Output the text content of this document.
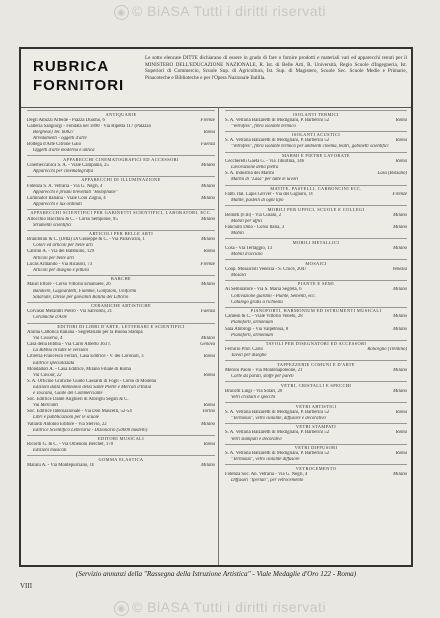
◉ © BiASA Tutti i diritti riservati
RUBRICA
FORNITORI
Le sotto elencate DITTE dichiarano di essere in grado di fare o fornire prodotti e materiali vari ed apparecchi tenuti per il MINISTERO DELL'EDUCAZIONE NAZIONALE, R. Ist. di Belle Arti, R. Università, Regio Scuole d'Ingegneria, Ist. Superiori di Commercio, Scuole Sup. di Agricoltura, Ist. Sup. di Magistero, Scuole Sec. Scuole Medie e Primarie, Pinacoteche e Biblioteche e per l'Opera Nazionale Balilla.
ANTIQUARIE
Degli Albizzi Alfeide - Piazza Duomo, 6	Firenze
Galleria Sangiorgi - Fondata nel 1890 · Via Ripetta 117 (Palazzo
Borghese) Tel. 60827	Roma
Arredamenti - oggetti d'arte
Bottega d'Arte Citrone Gaio	Faenza
Oggetti d'arte moderna e antica
APPARECCHI CINEMATOGRAFICI ED ACCESSORI
Cinemeccanica S. A. - Viale Campania, 25	Milano
Apparecchi per cinematografia
APPARECCHI DI ILLUMINAZIONE
Fidenza S. A. Vetraria - Via G. Negri, 4	Milano
Apparecchi e prismi brevettati "Holophane"
Luminator Italiana - Viale Coni Zugna, 4	Milano
Apparecchi e lux ordinati
APPARECCHI SCIENTIFICI PER GABINETTI SCIENTIFICI, LABORATORI, ECC.
Allocchio Bacchini & C. - Corso Sempione, 95	Milano
Strumenti scientifici
ARTICOLI PER BELLE ARTI
Brandolini & C. (Ditta) Di Giuseppe & C. - Via Pallavicini, 1	Milano
Colori ed articoli per belle arti
Cabrini A. - Via del Babbuino, 129	Roma
Articoli per belle arti
Lucas Armando - Via Ricasoli, 73	Firenze
Articoli per disegno e pittura
BARCHE
Mauri Ettore - Corso Vittorio Emanuele, 26	Milano
Bandiere, Gagliardetti, Fiamme, Gonfaloni, Uniformi
Salariate, Divise per giovanili Balilla del Littorio
CERAMICHE ARTISTICHE
Corvasio Melandri Pietro - Via Salvolini, 21	Faenza
Ceramiche d'Arte
EDITORI DI LIBRI D'ARTE, LETTERARI E SCIENTIFICI
Anima Cattolica Italiana - Segretariato per la Buona Stampa
Via Cosseria, 4	Milano
Casa della Bibbia - Via Carlo Alberto 363 r.	Genova
La Bibbia in tutte le versioni
Libreria Francesco Ferrari, Casa Editrice - V. dei Coronari, 3	Roma
Editrice specializzata
Mondadori A. - Casa Editrice, Milano Filiale di Roma
Via Cavour, 22	Roma
S. A. Officine Grafiche Guido Cassardi di Fogli - Corso di Modena
Edizioni dalla Antimonio della Sante Pietre e Mercati d'Italia
e Toscana, Guide del Commerciante
Soc. Editrice Dante Alighieri di Albrighi Segati & C.
Via Mercanti	Roma
Soc. Editrice Internazionale - Via Don Mascelli, 52-54	Torino
Libri e pubblicazioni per le scuole
Vallardi Antonio Editore - Via Stelvio, 22	Milano
Editrice Scientifico Letteraria - Dizionario (50000 modelli)
EDITORI MUSICALI
Ricordi G. & C. - Via Omenoni Berchet, 170	Roma
Edizioni musicali
GOMMA ELASTICA
Marani A. - Via Montepulciano, 16	Milano
ISOLANTI TERMICI
S. A. Vetraria Balzaretti di Modigliani, P. Barberini 52	Roma
"Vetroflex", fibra isolante termico
ISOLANTI ACUSTICI
S. A. Vetraria Balzaretti di Modigliani, P. Barberini 52	Roma
"Vetroflex", fibra isolante termico per ambienti cinema, teatri, gabinetti scientifici
MARMI E PIETRE LAVORATE
Ceccherelli Gaeta G. - Via Tiburtina, 146	Roma
Lavorazione della pietra
S. A. Industria dei Marmi	Lasa (Bolzano)
Marmi di "Lasa" per tutte le lavori
MATITE, PASTELLI, CARBONCINI ECC.
Fabb. Ital. Lapis Giriver - Via del Gignoro, 16	Firenze
Matite, pastelli di ogni tipo
MOBILI PER UFFICI, SCUOLE E COLLEGI
Bellotti (F.lli) - Via Cusani, 2	Milano
Mobili per uffici
Fanciulli Dino - Corso Italia, 3	Milano
Mobili
MOBILI METALLICI
Cosa - Via Terraggio, 13	Milano
Mobili d'acciaio
MOSAICI
Coop. Mosaicisti Venezia - S. Croce, 2047	Venezia
Mosaici
PIANTE E SEMI
Ai Seminatore - Via S. Maria Segreta, 6	Milano
Coltivazione giardini - Piante, Sementi, ecc.
Catalogo gratis a richiesta
PIANOFORTI, HARMONIUM ED ISTRUMENTI MUSICALI
Camesh & C. - Viale Vittorio Veneto, 28	Milano
Pianoforti, armonium
Sala Ambrogi - Via Valpetrosa, 8	Milano
Pianoforti, armonium
TAVOLI PER DISEGNATORI ED ACCESSORI
Ferrario Prof. Carlo	Roncegno (Trentino)
Tavoli per disegno
TAPPEZZERIE COMUNI E D'ARTE
Meroni Paolo - Via Montenapoleone, 21	Milano
Carte da parati, stoffe per pareti
VETRI, CRISTALLI E SPECCHI
Bracotti Luigi - Via Solari, 28	Milano
Vetri cristalli e specchi
VETRI ARTISTICI
S. A. Vetraria Balzaretti di Modigliani, P. Barberini 52	Roma
"Termolux", vetro isolante, diffusore e decorativo
VETRI STAMPATI
S. A. Vetraria Balzaretti di Modigliani, P. Barberini 52	Roma
Vetri stampati e decorativi
VETRI DIFFUSORI
S. A. Vetraria Balzaretti di Modigliani, P. Barberini 52	Roma
"Termolux", vetro isolante diffusore
VETROCEMENTO
Fidenza Soc. An. Vetraria - Via G. Negri, 4	Milano
Diffusori "Iperlan", per vetrocemento
VIII
(Servizio annunzi della "Rassegna della Istruzione Artistica" - Viale Medaglie d'Oro 122 - Roma)
◉ © BiASA Tutti i diritti riservati
